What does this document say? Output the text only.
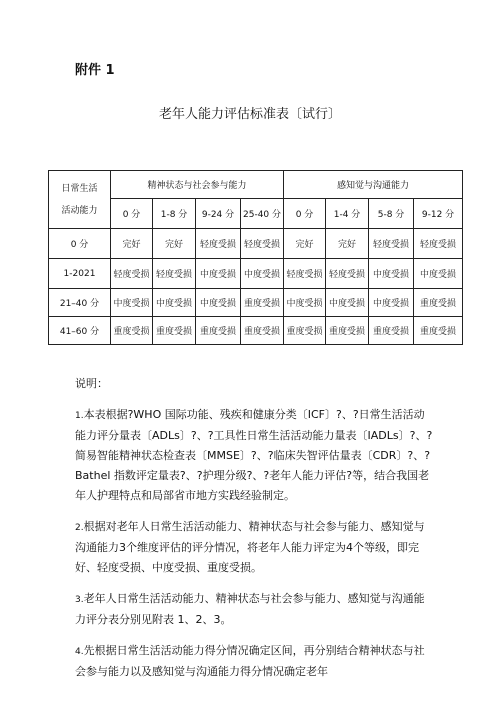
附件 1
老年人能力评估标准表〔试行〕
日常生活
活动能力	精神状态与社会参与能力				感知觉与沟通能力			
	0 分	1-8 分	9-24 分	25-40 分	0 分	1-4 分	5-8 分	9-12 分
0 分	完好	完好	轻度受损	轻度受损	完好	完好	轻度受损	轻度受损
1-2021	轻度受损	轻度受损	中度受损	中度受损	轻度受损	轻度受损	中度受损	中度受损
21–40 分	中度受损	中度受损	中度受损	重度受损	中度受损	中度受损	中度受损	重度受损
41–60 分	重度受损	重度受损	重度受损	重度受损	重度受损	重度受损	重度受损	重度受损
说明：

1.本表根据?WHO 国际功能、残疾和健康分类〔ICF〕?、?日常生活活动能力评分量表〔ADLs〕?、?工具性日常生活活动能力量表〔IADLs〕?、?简易智能精神状态检查表〔MMSE〕?、?临床失智评估量表〔CDR〕?、?Bathel 指数评定量表?、?护理分级?、?老年人能力评估?等，结合我国老年人护理特点和局部省市地方实践经验制定。

2.根据对老年人日常生活活动能力、精神状态与社会参与能力、感知觉与沟通能力3个维度评估的评分情况，将老年人能力评定为4个等级，即完好、轻度受损、中度受损、重度受损。

3.老年人日常生活活动能力、精神状态与社会参与能力、感知觉与沟通能力评分表分别见附表 1、2、3。

4.先根据日常生活活动能力得分情况确定区间，再分别结合精神状态与社会参与能力以及感知觉与沟通能力得分情况确定老年
